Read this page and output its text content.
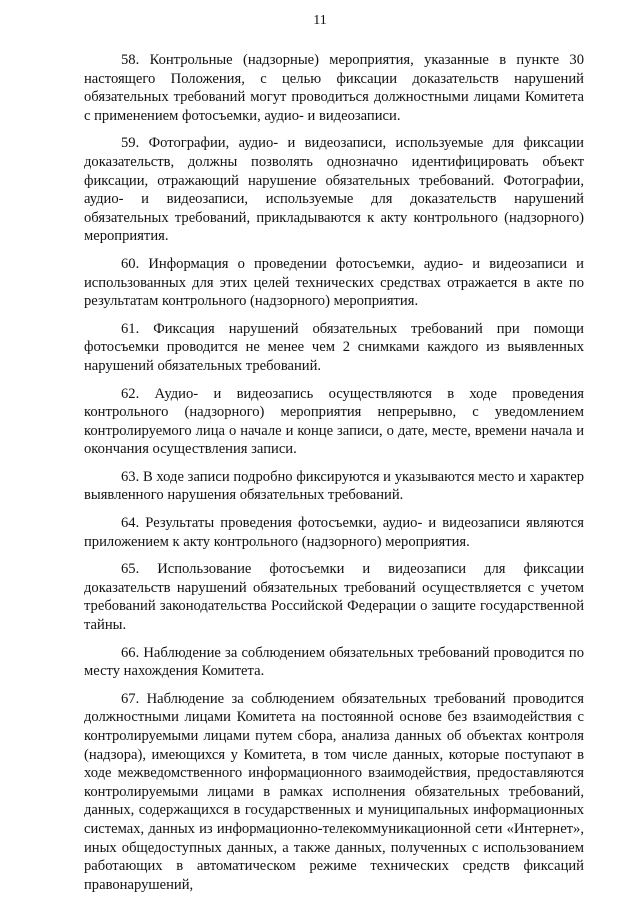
11

58. Контрольные (надзорные) мероприятия, указанные в пункте 30 настоящего Положения, с целью фиксации доказательств нарушений обязательных требований могут проводиться должностными лицами Комитета с применением фотосъемки, аудио- и видеозаписи.

59. Фотографии, аудио- и видеозаписи, используемые для фиксации доказательств, должны позволять однозначно идентифицировать объект фиксации, отражающий нарушение обязательных требований. Фотографии, аудио- и видеозаписи, используемые для доказательств нарушений обязательных требований, прикладываются к акту контрольного (надзорного) мероприятия.

60. Информация о проведении фотосъемки, аудио- и видеозаписи и использованных для этих целей технических средствах отражается в акте по результатам контрольного (надзорного) мероприятия.

61. Фиксация нарушений обязательных требований при помощи фотосъемки проводится не менее чем 2 снимками каждого из выявленных нарушений обязательных требований.

62. Аудио- и видеозапись осуществляются в ходе проведения контрольного (надзорного) мероприятия непрерывно, с уведомлением контролируемого лица о начале и конце записи, о дате, месте, времени начала и окончания осуществления записи.

63. В ходе записи подробно фиксируются и указываются место и характер выявленного нарушения обязательных требований.

64. Результаты проведения фотосъемки, аудио- и видеозаписи являются приложением к акту контрольного (надзорного) мероприятия.

65. Использование фотосъемки и видеозаписи для фиксации доказательств нарушений обязательных требований осуществляется с учетом требований законодательства Российской Федерации о защите государственной тайны.

66. Наблюдение за соблюдением обязательных требований проводится по месту нахождения Комитета.

67. Наблюдение за соблюдением обязательных требований проводится должностными лицами Комитета на постоянной основе без взаимодействия с контролируемыми лицами путем сбора, анализа данных об объектах контроля (надзора), имеющихся у Комитета, в том числе данных, которые поступают в ходе межведомственного информационного взаимодействия, предоставляются контролируемыми лицами в рамках исполнения обязательных требований, данных, содержащихся в государственных и муниципальных информационных системах, данных из информационно-телекоммуникационной сети «Интернет», иных общедоступных данных, а также данных, полученных с использованием работающих в автоматическом режиме технических средств фиксаций правонарушений,
